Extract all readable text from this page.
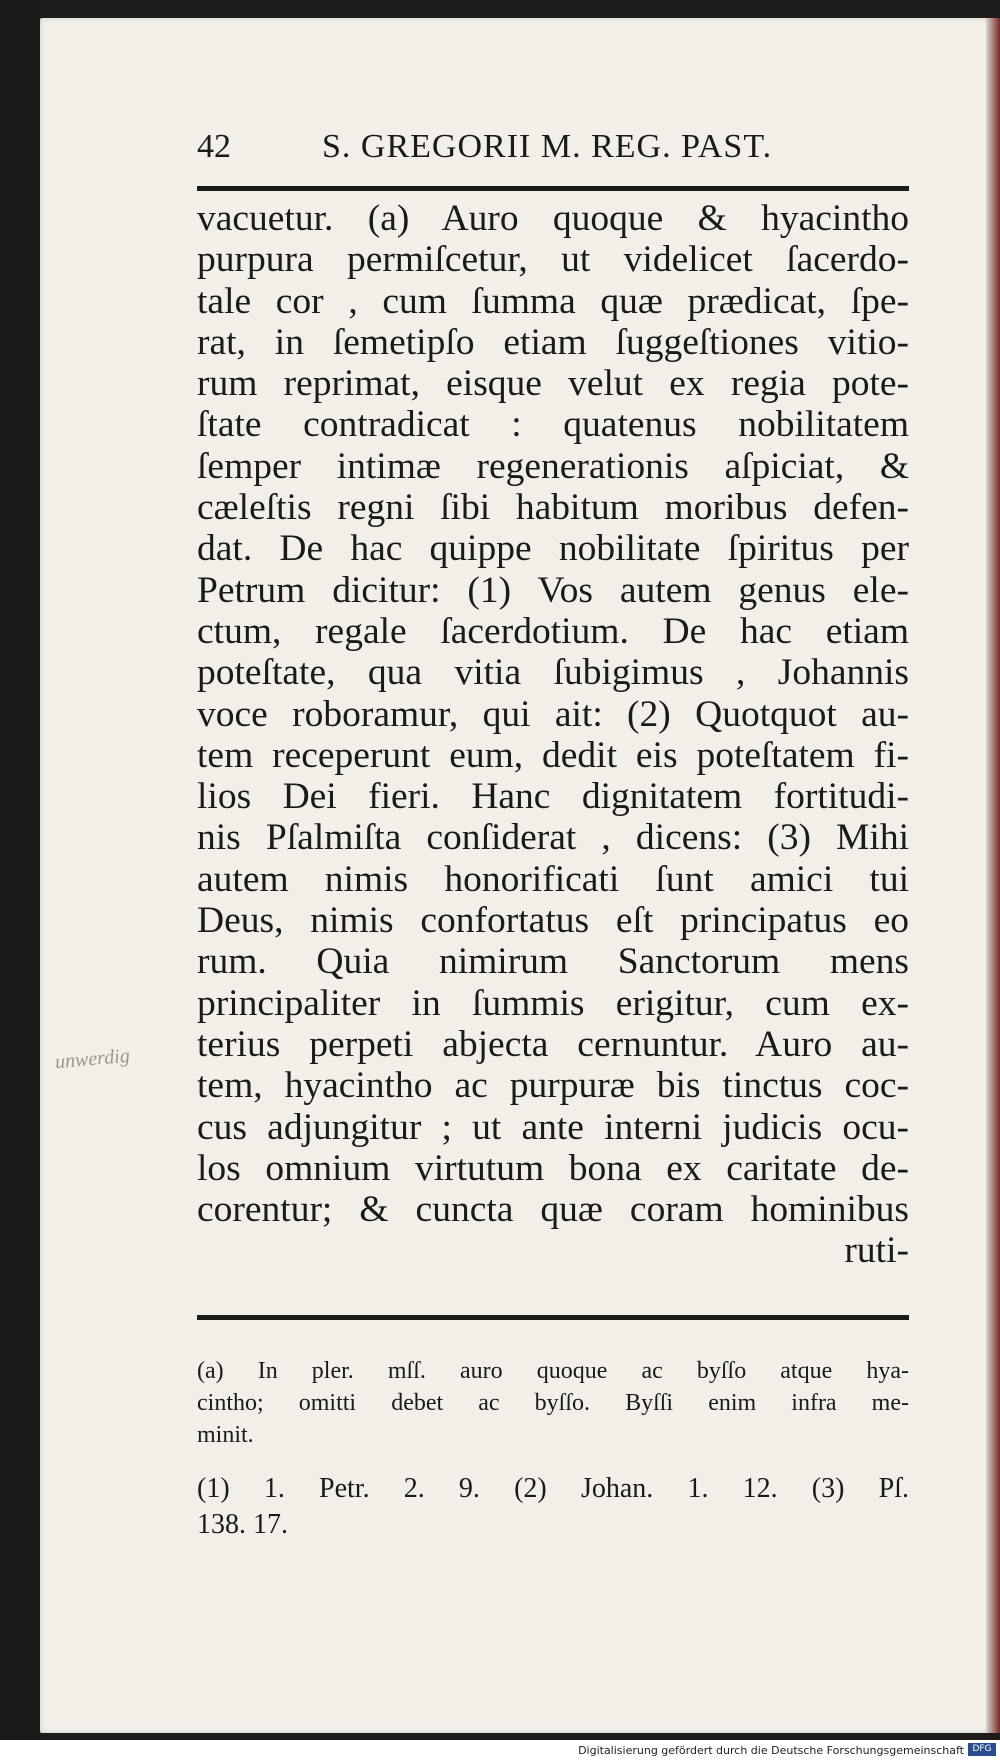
42	S. GREGORII M. REG. PAST.
vacuetur. (a) Auro quoque & hyacintho
purpura permiſcetur, ut videlicet ſacerdo-
tale cor , cum ſumma quæ prædicat, ſpe-
rat, in ſemetipſo etiam ſuggeſtiones vitio-
rum reprimat, eisque velut ex regia pote-
ſtate contradicat : quatenus nobilitatem
ſemper intimæ regenerationis aſpiciat, &
cæleſtis regni ſibi habitum moribus defen-
dat. De hac quippe nobilitate ſpiritus per
Petrum dicitur: (1) Vos autem genus ele-
ctum, regale ſacerdotium. De hac etiam
poteſtate, qua vitia ſubigimus , Johannis
voce roboramur, qui ait: (2) Quotquot au-
tem receperunt eum, dedit eis poteſtatem fi-
lios Dei fieri. Hanc dignitatem fortitudi-
nis Pſalmiſta conſiderat , dicens: (3) Mihi
autem nimis honorificati ſunt amici tui
Deus, nimis confortatus eſt principatus eo
rum. Quia nimirum Sanctorum mens
principaliter in ſummis erigitur, cum ex-
terius perpeti abjecta cernuntur. Auro au-
tem, hyacintho ac purpuræ bis tinctus coc-
cus adjungitur ; ut ante interni judicis ocu-
los omnium virtutum bona ex caritate de-
corentur; & cuncta quæ coram hominibus
ruti-
unwerdig
(a) In pler. mſſ. auro quoque ac byſſo atque hya-
cintho; omitti debet ac byſſo. Byſſi enim infra me-
minit.
(1) 1. Petr. 2. 9. (2) Johan. 1. 12. (3) Pſ.
138. 17.
Digitalisierung gefördert durch die Deutsche Forschungsgemeinschaft DFG
